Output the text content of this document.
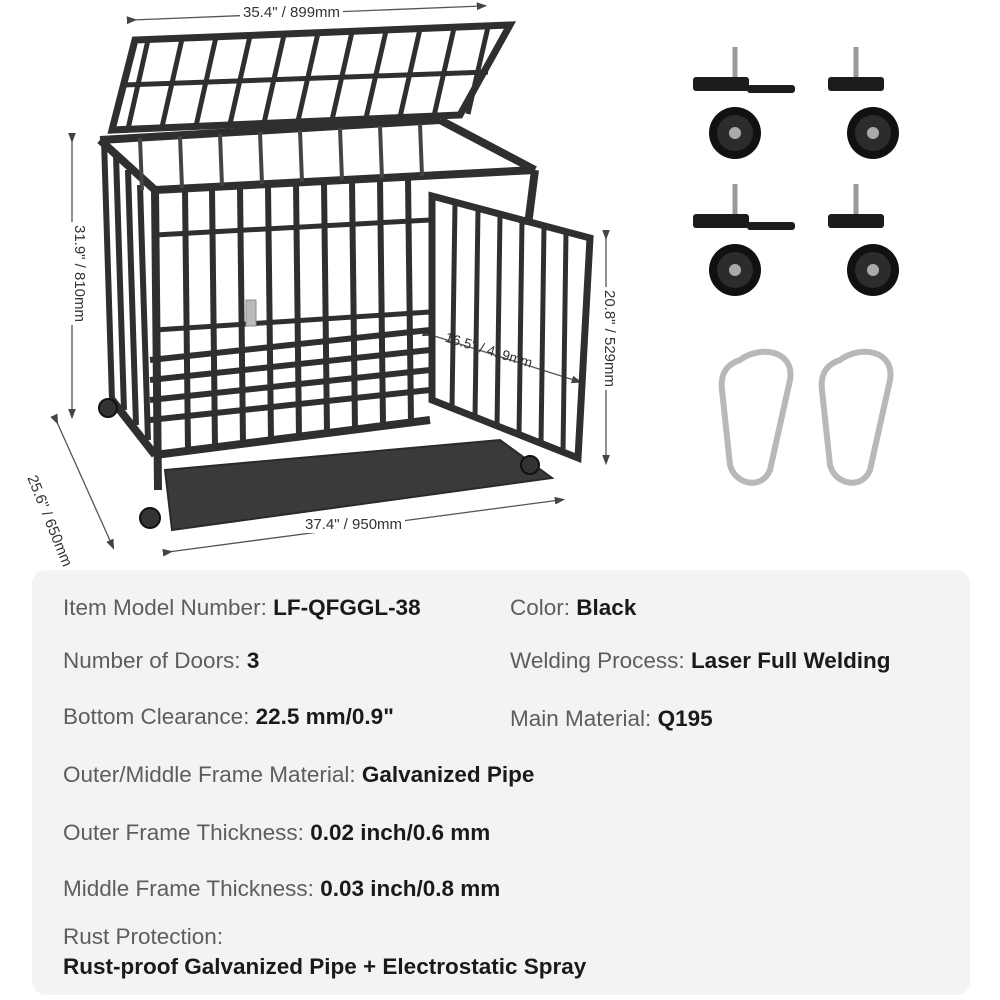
35.4" / 899mm
31.9" / 810mm
25.6" / 650mm	37.4" / 950mm
20.8" / 529mm
16.5" / 419mm
Item Model Number: LF-QFGGL-38	Color: Black
Number of Doors: 3	Welding Process: Laser Full Welding
Bottom Clearance: 22.5 mm/0.9"	Main Material: Q195
Outer/Middle Frame Material: Galvanized Pipe
Outer Frame Thickness: 0.02 inch/0.6 mm
Middle Frame Thickness: 0.03 inch/0.8 mm
Rust Protection:
Rust-proof Galvanized Pipe + Electrostatic Spray
